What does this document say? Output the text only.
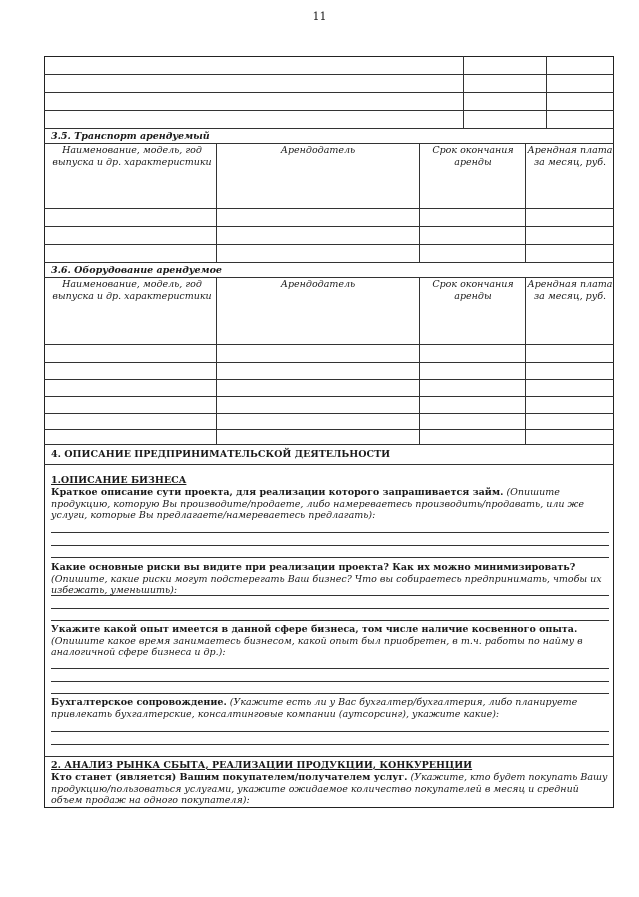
11
3.5. Транспорт арендуемый
Наименование, модель, год выпуска и др. характеристики
Арендодатель	Срок окончания аренды
Арендная плата за месяц, руб.
3.6. Оборудование арендуемое
Наименование, модель, год выпуска и др. характеристики
Арендодатель	Срок окончания аренды
Арендная плата за месяц, руб.
4. ОПИСАНИЕ ПРЕДПРИНИМАТЕЛЬСКОЙ ДЕЯТЕЛЬНОСТИ
1.ОПИСАНИЕ БИЗНЕСА
Краткое описание сути проекта, для реализации которого запрашивается займ. (Опишите продукцию, которую Вы производите/продаете, либо намереваетесь производить/продавать, или же услуги, которые Вы предлагаете/намереваетесь предлагать):
Какие основные риски вы видите при реализации проекта? Как их можно минимизировать? (Опишите, какие риски могут подстерегать Ваш бизнес? Что вы собираетесь предпринимать, чтобы их избежать, уменьшить):
Укажите какой опыт имеется в данной сфере бизнеса, том числе наличие косвенного опыта. (Опишите какое время занимаетесь бизнесом, какой опыт был приобретен, в т.ч. работы по найму в аналогичной сфере бизнеса и др.):
Бухгалтерское сопровождение. (Укажите есть ли у Вас бухгалтер/бухгалтерия, либо планируете привлекать бухгалтерские, консалтинговые компании (аутсорсинг), укажите какие):
2. АНАЛИЗ РЫНКА СБЫТА, РЕАЛИЗАЦИИ ПРОДУКЦИИ, КОНКУРЕНЦИИ
Кто станет (является) Вашим покупателем/получателем услуг. (Укажите, кто будет покупать Вашу продукцию/пользоваться услугами, укажите ожидаемое количество покупателей в месяц и средний объем продаж на одного покупателя):
